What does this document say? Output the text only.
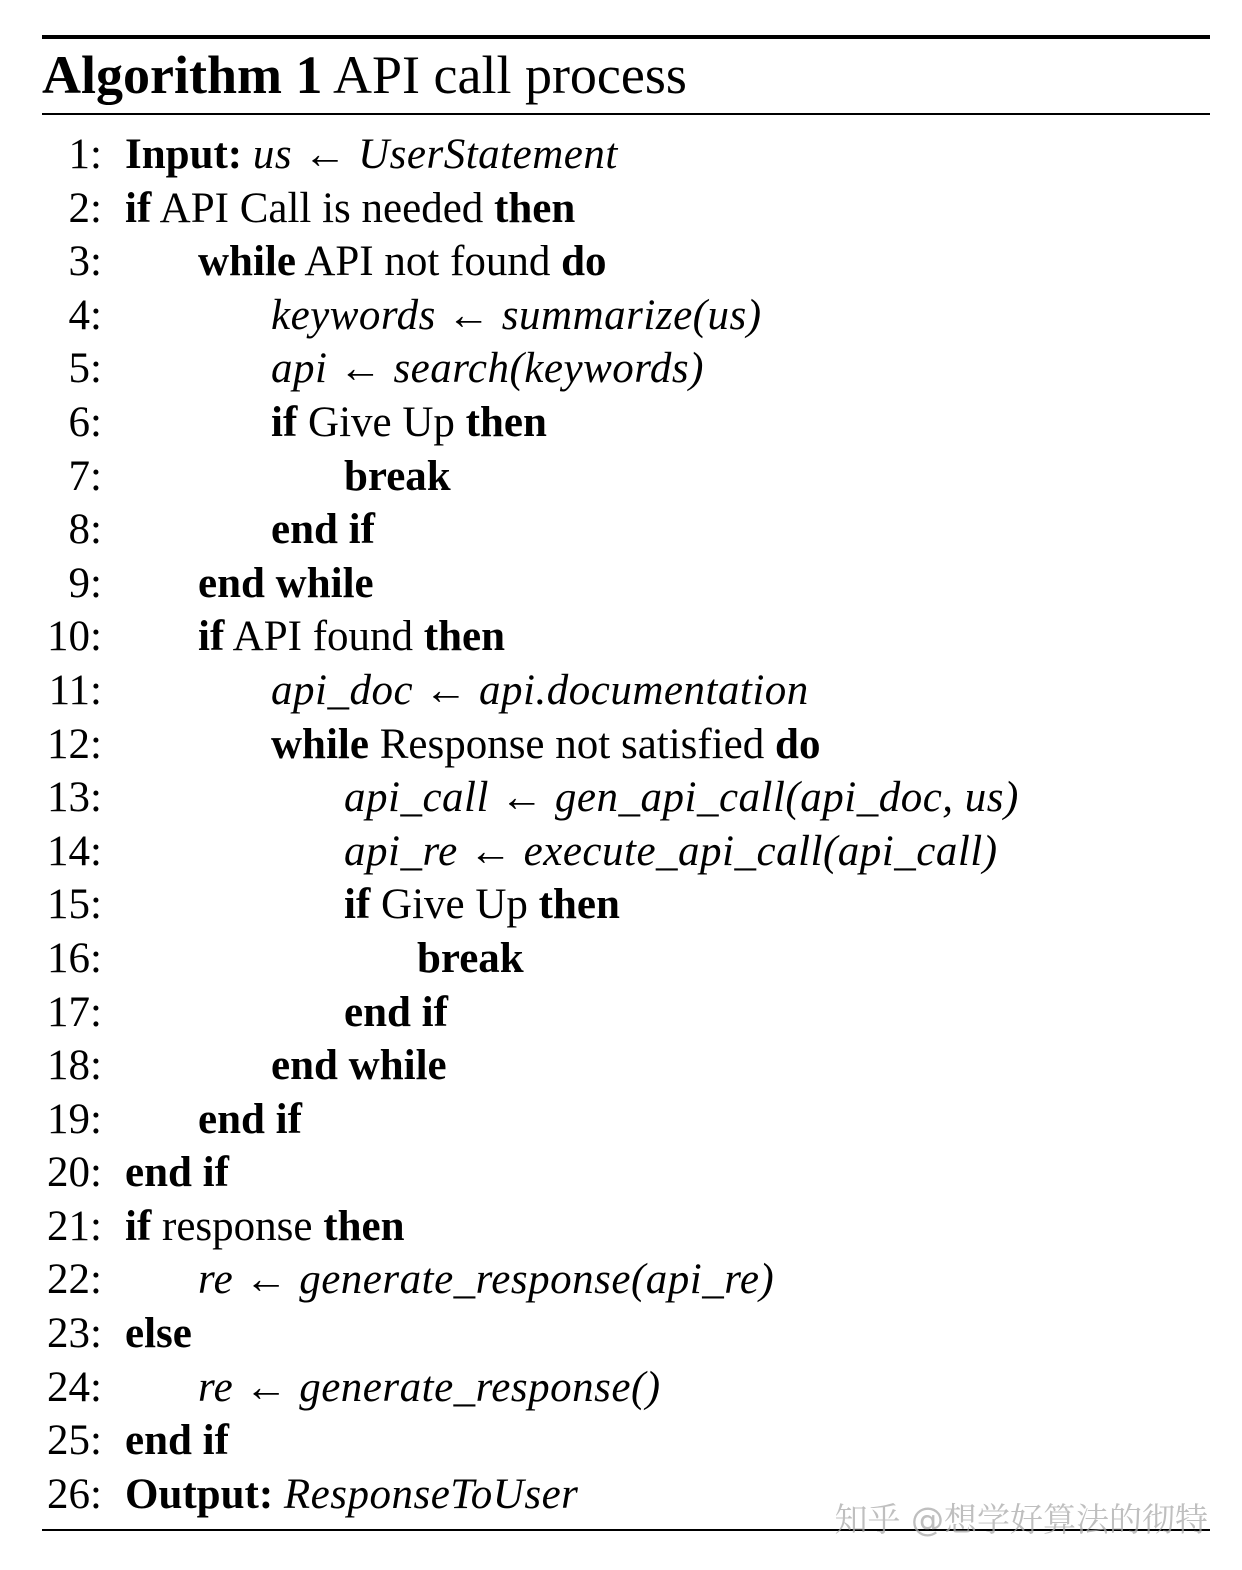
Algorithm 1 API call process
1: Input: us ← UserStatement
2: if API Call is needed then
3: while API not found do
4:	keywords ← summarize(us)
5:	api ← search(keywords)
6:	if Give Up then
7:	break
8:	end if
9: end while
10: if API found then
11:	api_doc ← api.documentation
12:	while Response not satisfied do
13:	api_call ← gen_api_call(api_doc, us)
14:	api_re ← execute_api_call(api_call)
15:	if Give Up then
16:	break
17:	end if
18:	end while
19: end if
20: end if
21: if response then
22: re ← generate_response(api_re)
23: else
24: re ← generate_response()
25: end if
26: Output: ResponseToUser
知乎 @想学好算法的彻特
